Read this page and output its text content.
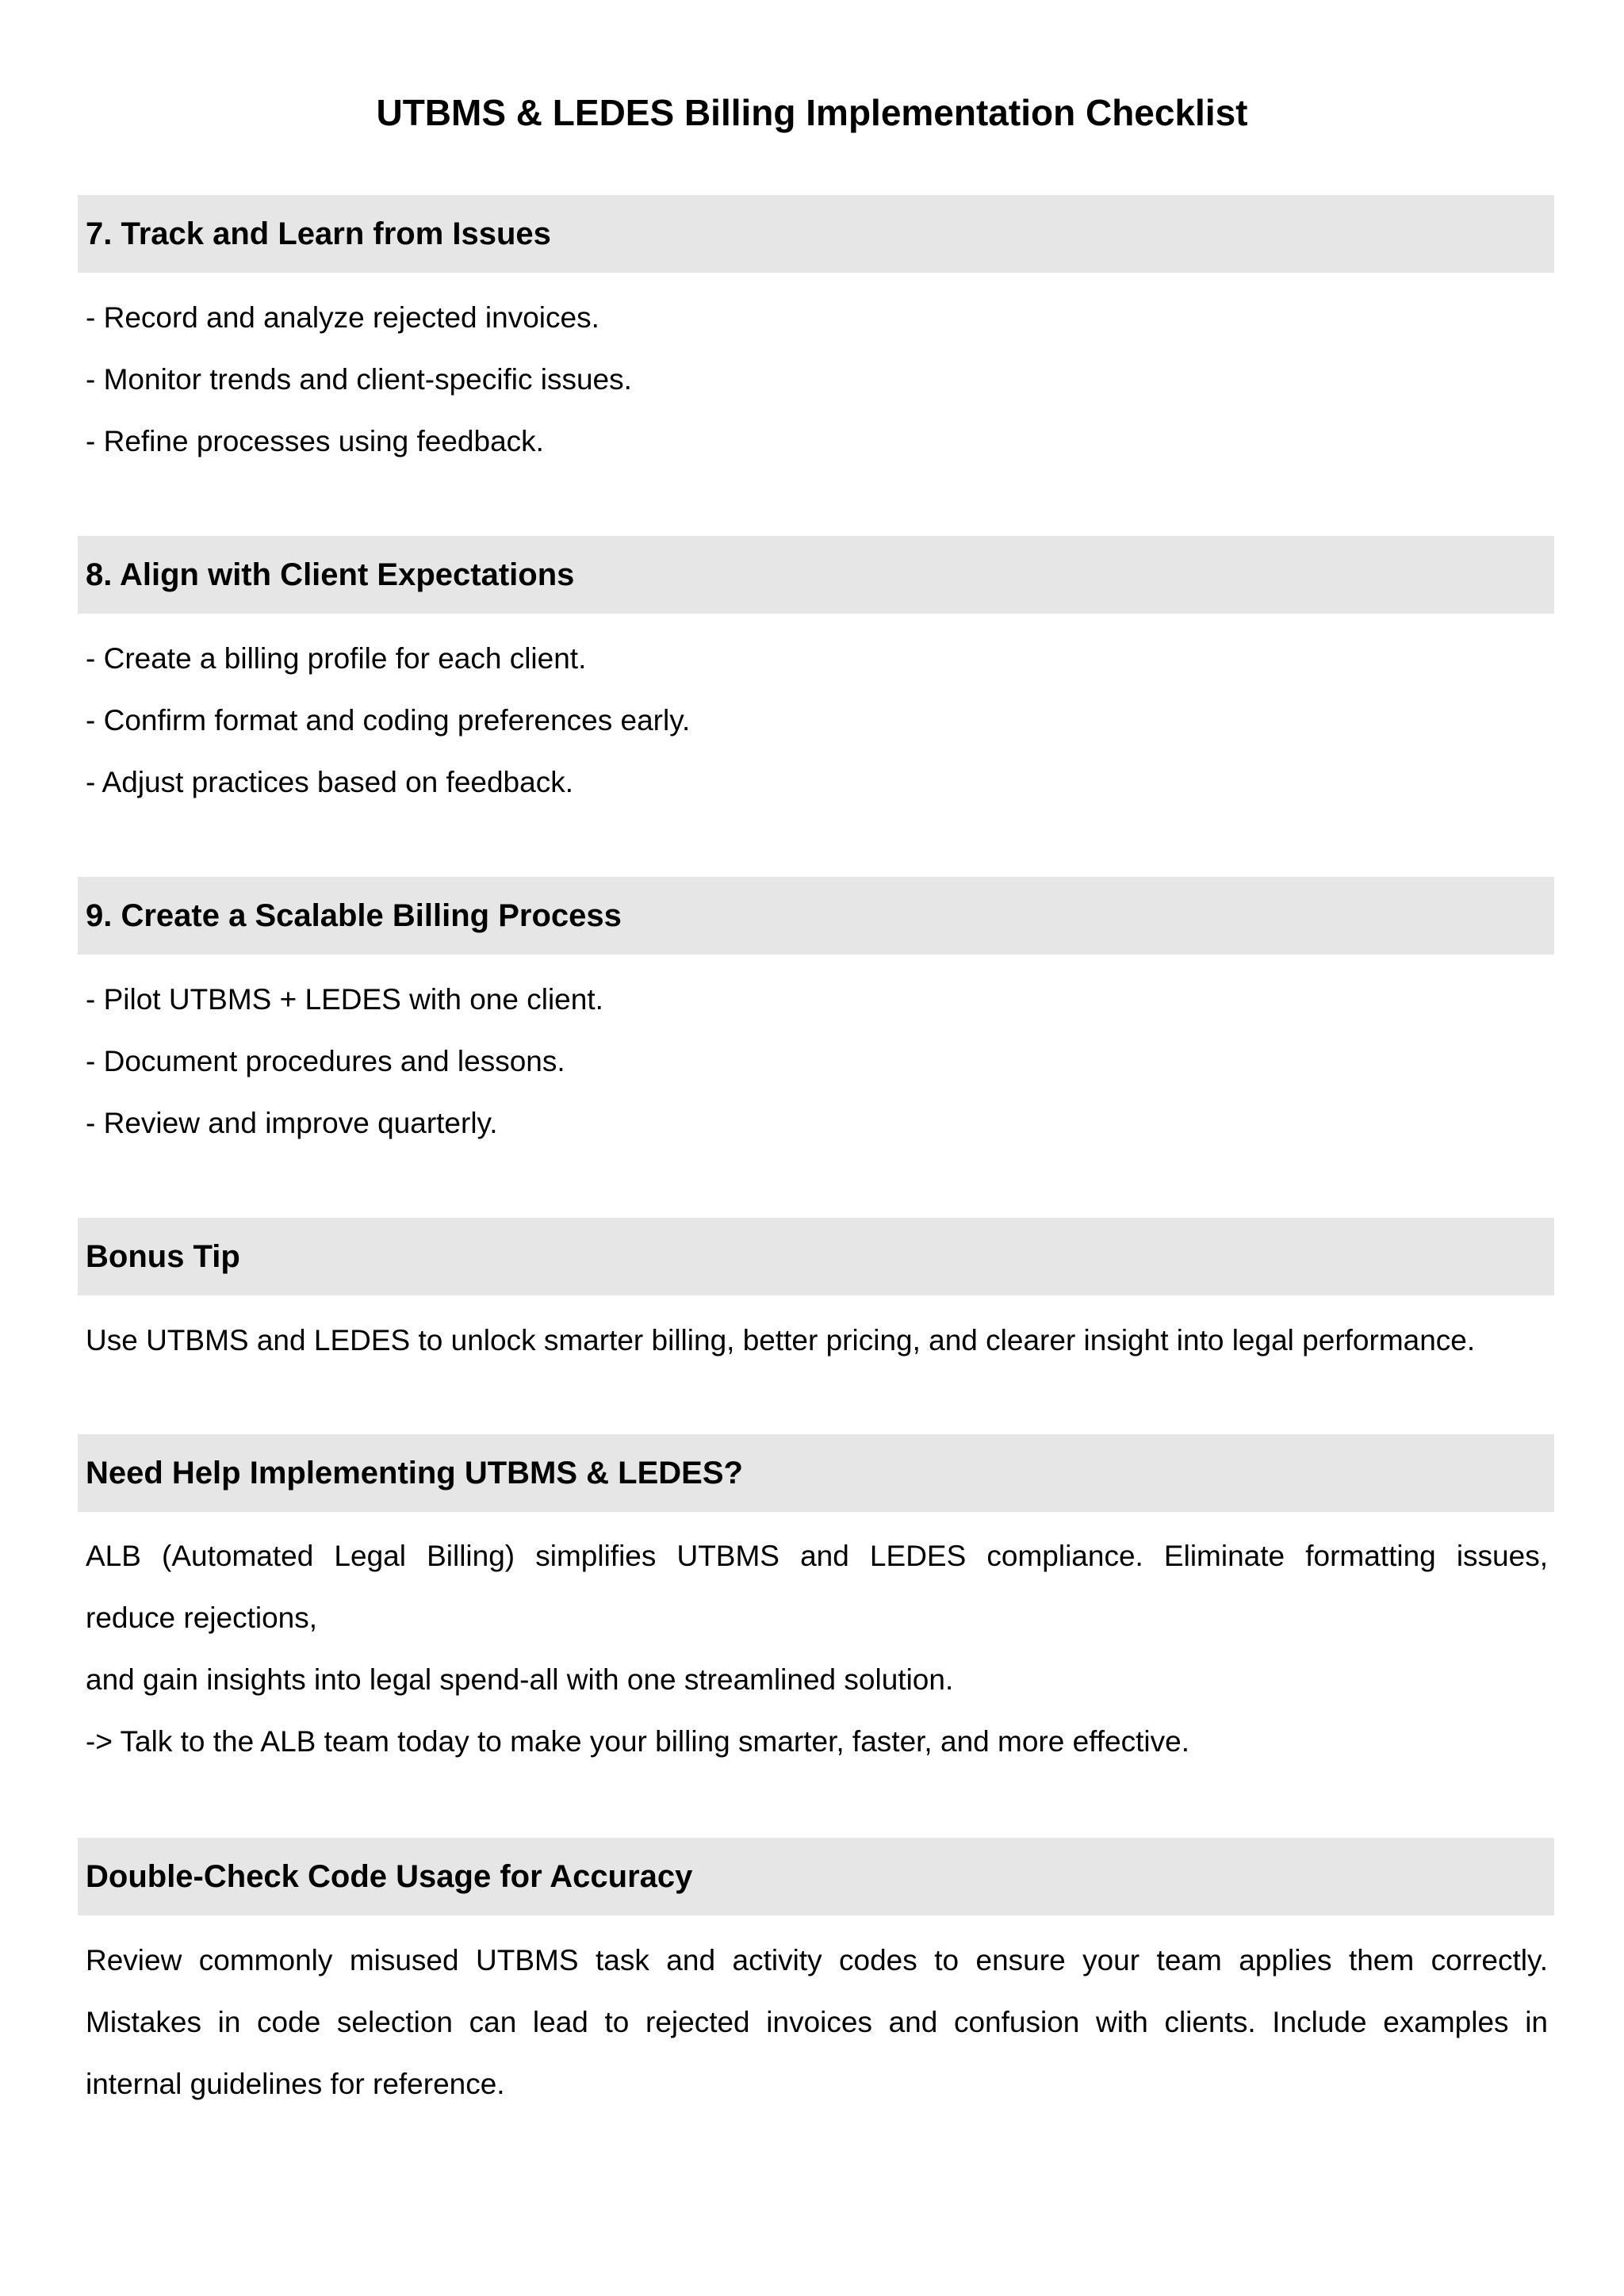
UTBMS & LEDES Billing Implementation Checklist
7. Track and Learn from Issues

- Record and analyze rejected invoices.

- Monitor trends and client-specific issues.

- Refine processes using feedback.

8. Align with Client Expectations

- Create a billing profile for each client.

- Confirm format and coding preferences early.

- Adjust practices based on feedback.

9. Create a Scalable Billing Process

- Pilot UTBMS + LEDES with one client.

- Document procedures and lessons.

- Review and improve quarterly.

Bonus Tip

Use UTBMS and LEDES to unlock smarter billing, better pricing, and clearer insight into legal performance.

Need Help Implementing UTBMS & LEDES?

ALB (Automated Legal Billing) simplifies UTBMS and LEDES compliance. Eliminate formatting issues,

reduce rejections,

and gain insights into legal spend-all with one streamlined solution.

-> Talk to the ALB team today to make your billing smarter, faster, and more effective.

Double-Check Code Usage for Accuracy

Review commonly misused UTBMS task and activity codes to ensure your team applies them correctly.

Mistakes in code selection can lead to rejected invoices and confusion with clients. Include examples in

internal guidelines for reference.
